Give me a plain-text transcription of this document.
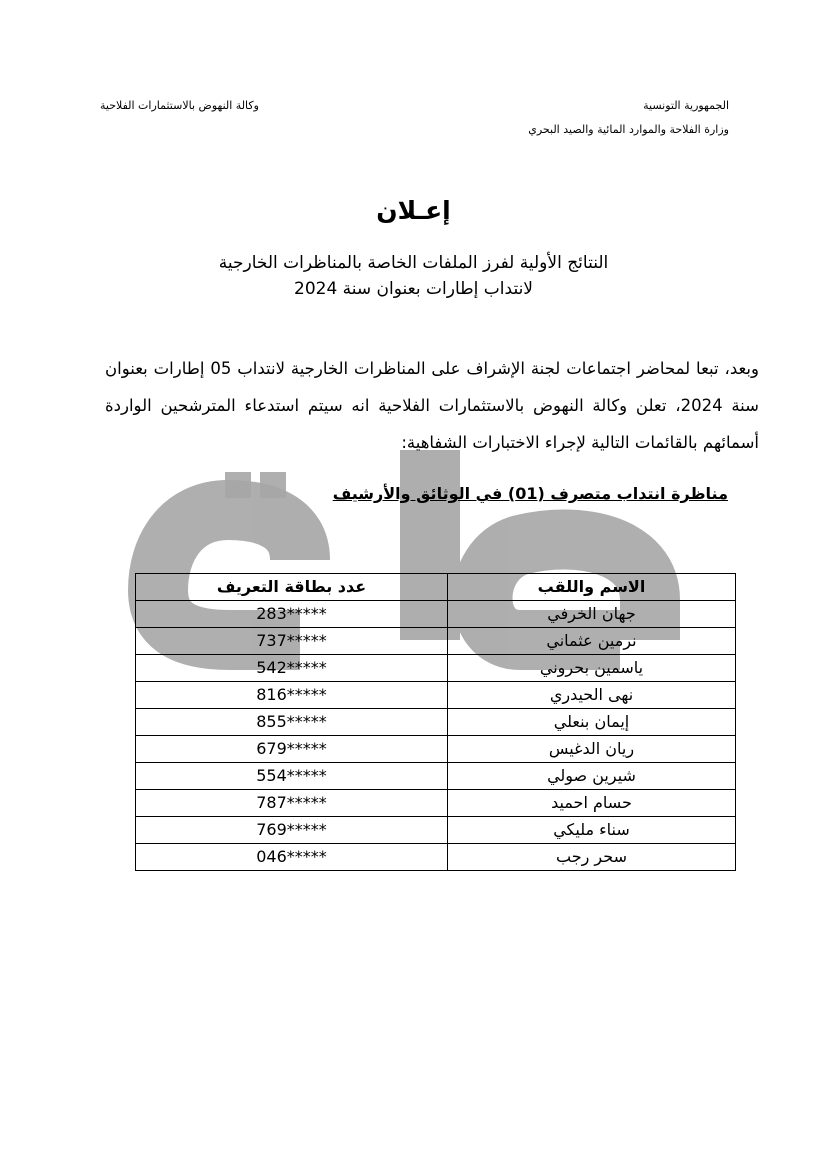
الجمهورية التونسية
وزارة الفلاحة والموارد المائية والصيد البحري
وكالة النهوض بالاستثمارات الفلاحية
إعـلان
النتائج الأولية لفرز الملفات الخاصة بالمناظرات الخارجية
لانتداب إطارات بعنوان سنة 2024
وبعد، تبعا لمحاضر اجتماعات لجنة الإشراف على المناظرات الخارجية لانتداب 05 إطارات بعنوان سنة 2024، تعلن وكالة النهوض بالاستثمارات الفلاحية انه سيتم استدعاء المترشحين الواردة أسمائهم بالقائمات التالية لإجراء الاختبارات الشفاهية:
مناظرة انتداب متصرف (01) في الوثائق والأرشيف
الاسم واللقب	عدد بطاقة التعريف
جهان الخرفي	283*****
نرمين عثماني	737*****
ياسمين بحروني	542*****
نهى الحيدري	816*****
إيمان بنعلي	855*****
ريان الدغيس	679*****
شيرين صولي	554*****
حسام احميد	787*****
سناء مليكي	769*****
سحر رجب	046*****
